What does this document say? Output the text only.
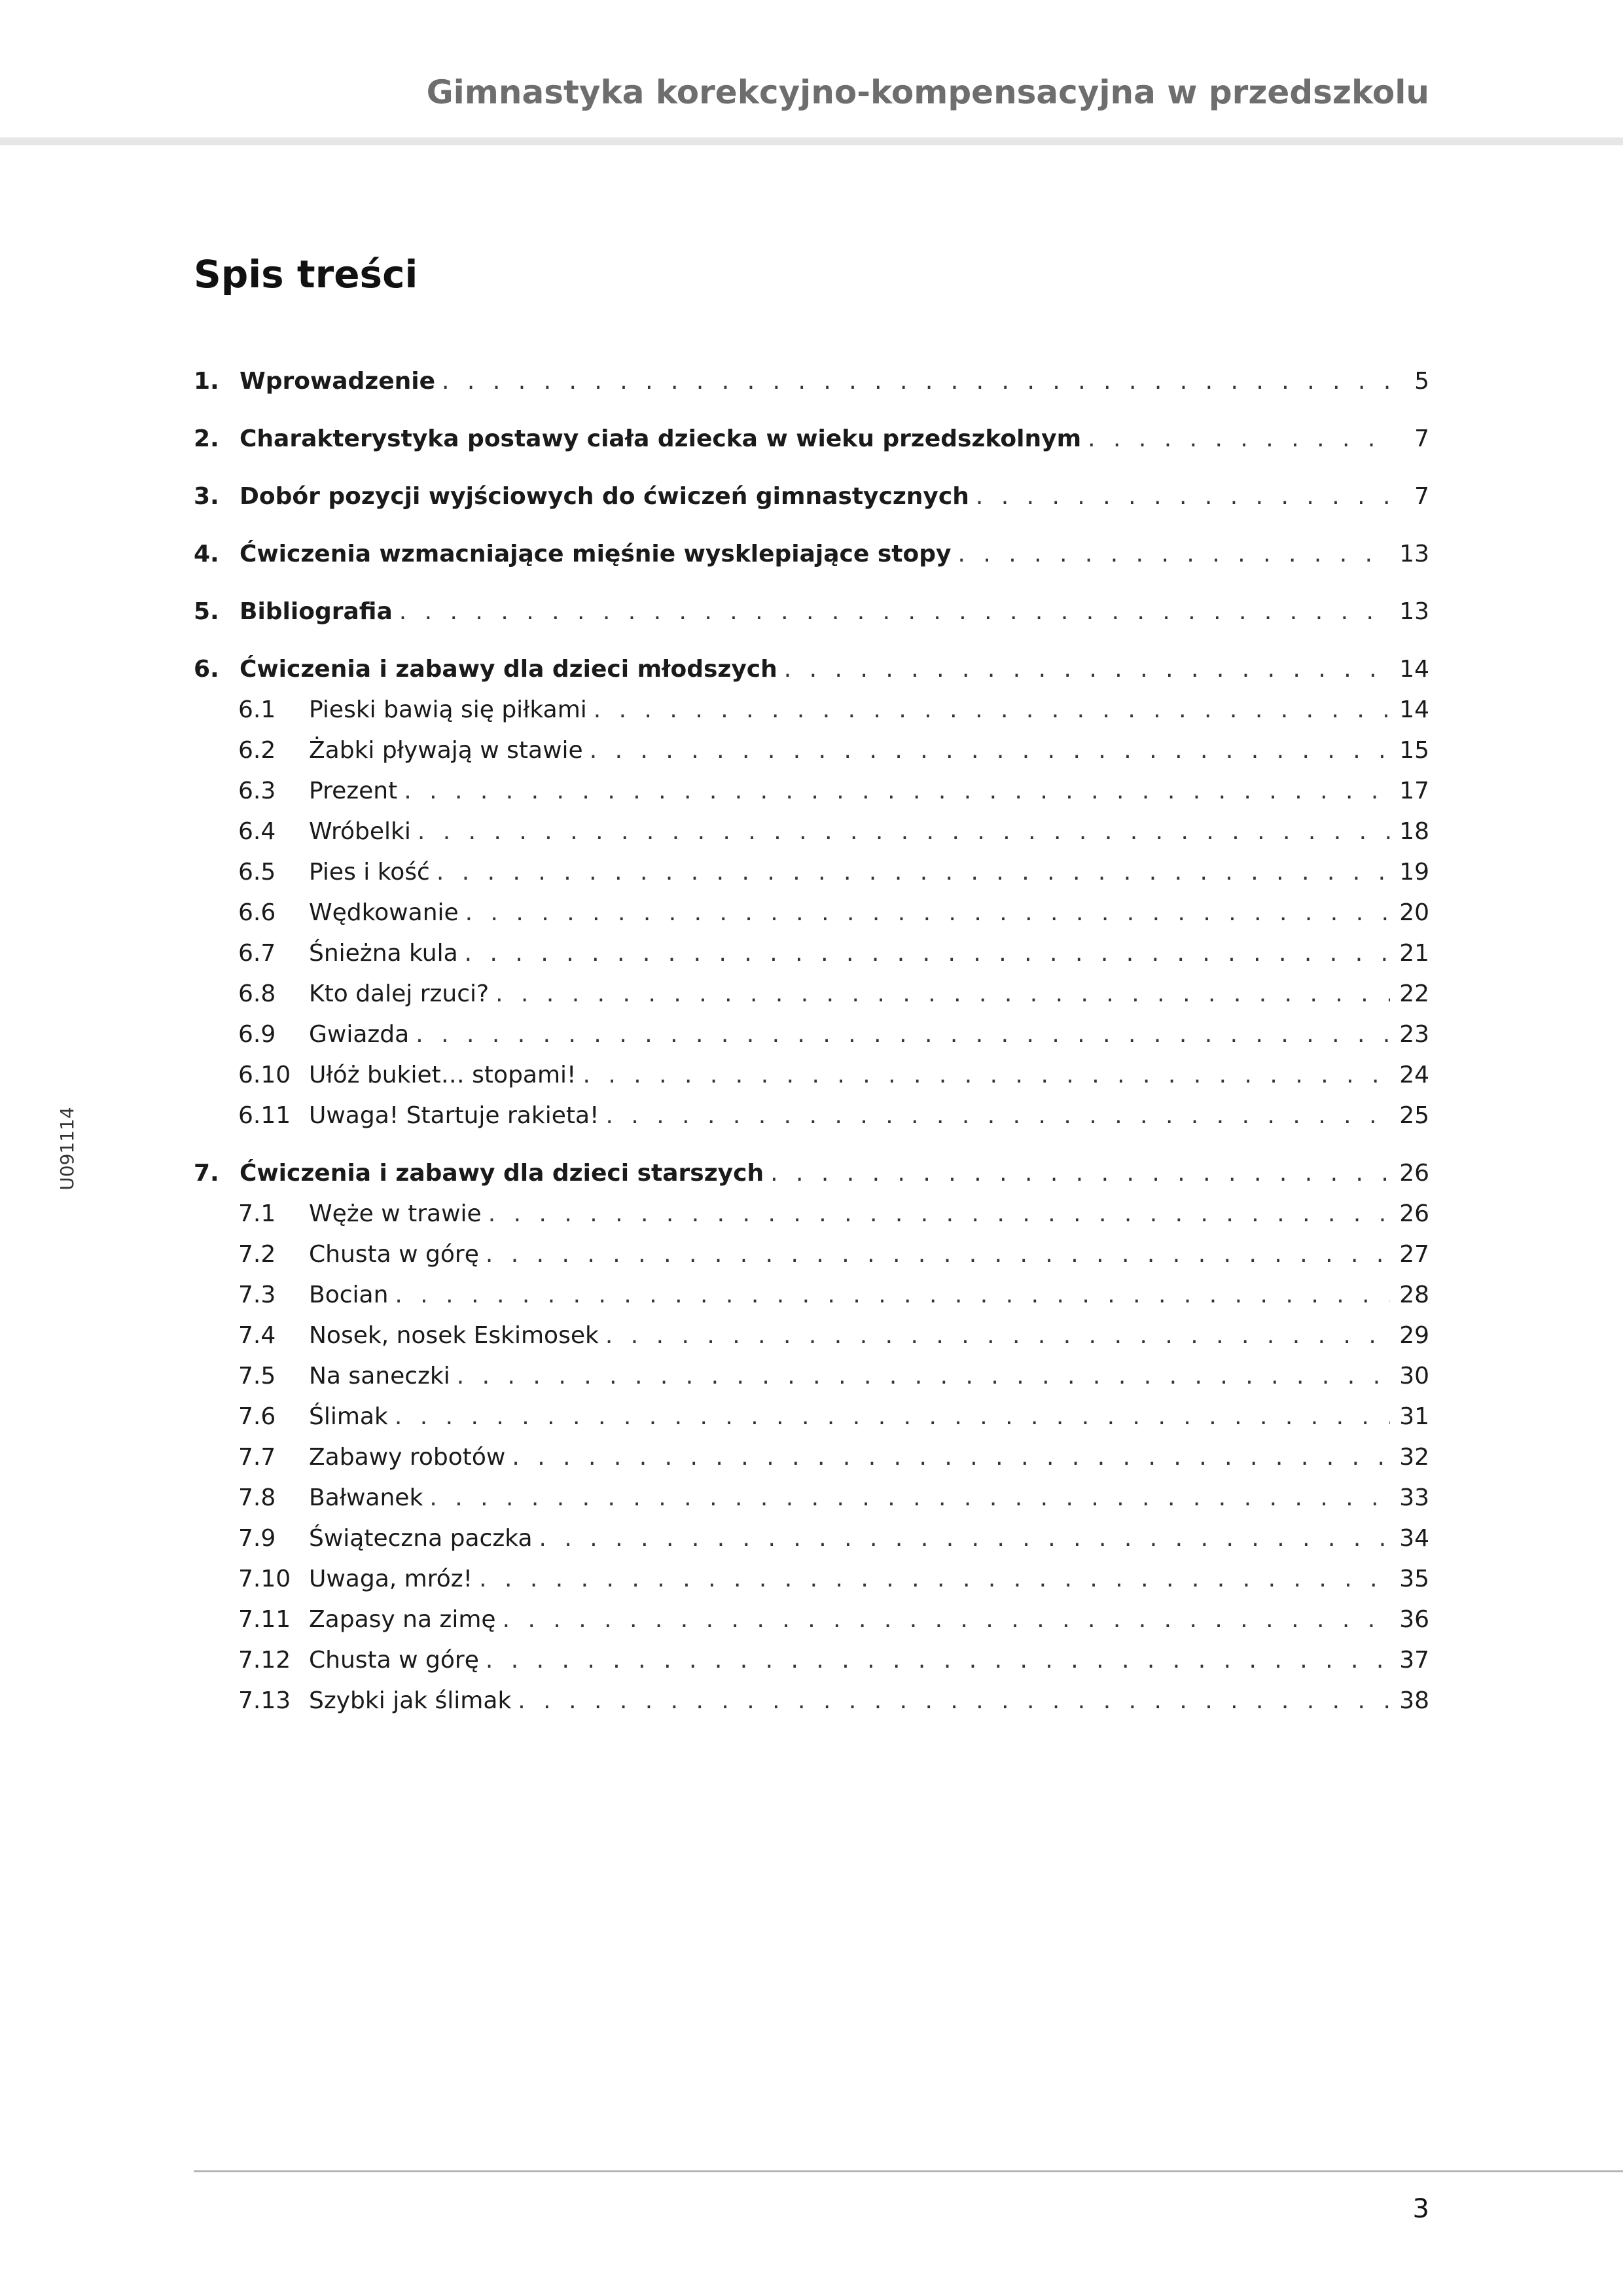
Gimnastyka korekcyjno-kompensacyjna w przedszkolu
Spis treści
U091114
1. Wprowadzenie . . .	5
2. Charakterystyka postawy ciała dziecka w wieku przedszkolnym . . .	7
3. Dobór pozycji wyjściowych do ćwiczeń gimnastycznych . . .	7
4. Ćwiczenia wzmacniające mięśnie wysklepiające stopy . . .	13
5. Bibliografia . . .	13
6. Ćwiczenia i zabawy dla dzieci młodszych . . .	14
6.1 Pieski bawią się piłkami . . .	14
6.2 Żabki pływają w stawie . . .	15
6.3 Prezent . . .	17
6.4 Wróbelki . . .	18
6.5 Pies i kość . . .	19
6.6 Wędkowanie . . .	20
6.7 Śnieżna kula . . .	21
6.8 Kto dalej rzuci? . . .	22
6.9 Gwiazda . . .	23
6.10 Ułóż bukiet… stopami! . . .	24
6.11 Uwaga! Startuje rakieta! . . .	25
7. Ćwiczenia i zabawy dla dzieci starszych . . .	26
7.1 Węże w trawie . . .	26
7.2 Chusta w górę . . .	27
7.3 Bocian . . .	28
7.4 Nosek, nosek Eskimosek . . .	29
7.5 Na saneczki . . .	30
7.6 Ślimak . . .	31
7.7 Zabawy robotów . . .	32
7.8 Bałwanek . . .	33
7.9 Świąteczna paczka . . .	34
7.10 Uwaga, mróz! . . .	35
7.11 Zapasy na zimę . . .	36
7.12 Chusta w górę . . .	37
7.13 Szybki jak ślimak . . .	38
3
